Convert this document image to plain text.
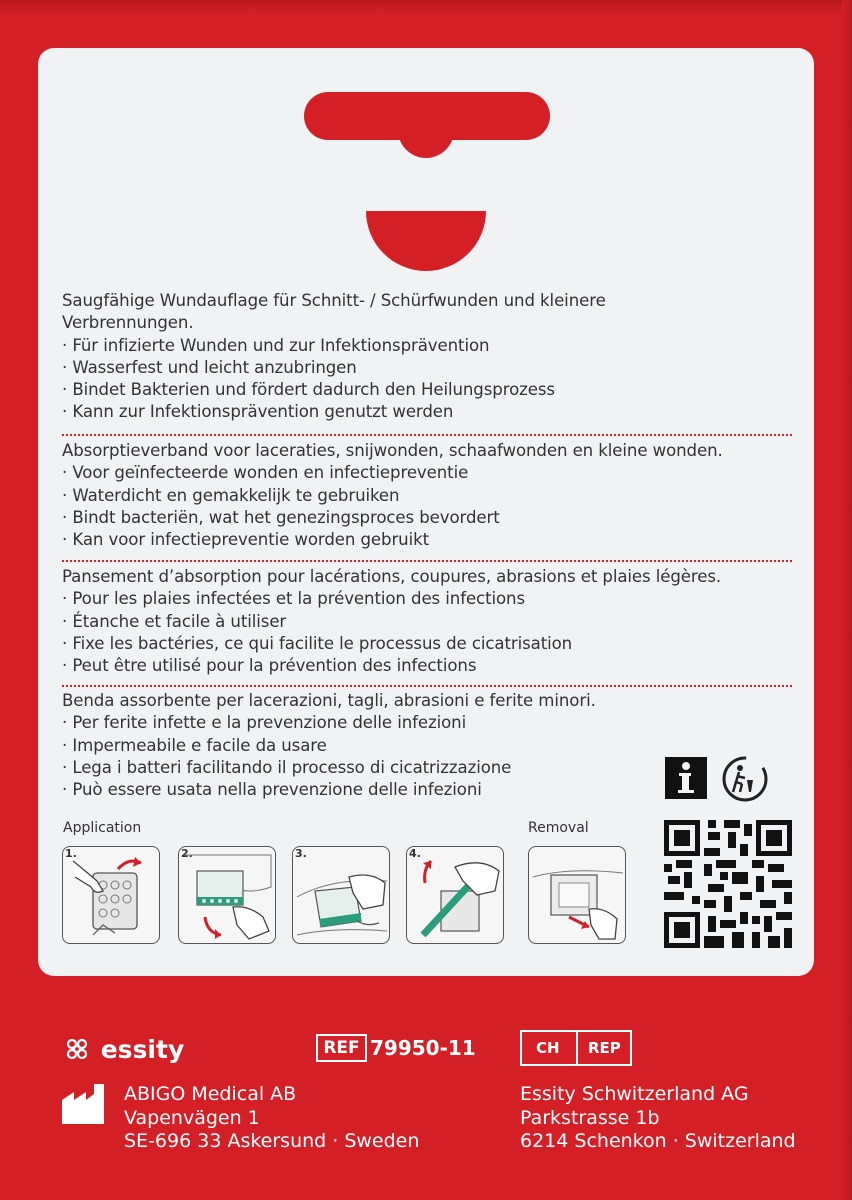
Saugfähige Wundauflage für Schnitt- / Schürfwunden und kleinere
Verbrennungen.
· Für infizierte Wunden und zur Infektionsprävention
· Wasserfest und leicht anzubringen
· Bindet Bakterien und fördert dadurch den Heilungsprozess
· Kann zur Infektionsprävention genutzt werden
Absorptieverband voor laceraties, snijwonden, schaafwonden en kleine wonden.
· Voor geïnfecteerde wonden en infectiepreventie
· Waterdicht en gemakkelijk te gebruiken
· Bindt bacteriën, wat het genezingsproces bevordert
· Kan voor infectiepreventie worden gebruikt
Pansement d’absorption pour lacérations, coupures, abrasions et plaies légères.
· Pour les plaies infectées et la prévention des infections
· Étanche et facile à utiliser
· Fixe les bactéries, ce qui facilite le processus de cicatrisation
· Peut être utilisé pour la prévention des infections
Benda assorbente per lacerazioni, tagli, abrasioni e ferite minori.
· Per ferite infette e la prevenzione delle infezioni
· Impermeabile e facile da usare
· Lega i batteri facilitando il processo di cicatrizzazione
· Può essere usata nella prevenzione delle infezioni
Application	Removal
1.	2.	3.	4.
essity	REF 79950-11	CH REP
ABIGO Medical AB
Vapenvägen 1
SE-696 33 Askersund · Sweden
Essity Schwitzerland AG
Parkstrasse 1b
6214 Schenkon · Switzerland
